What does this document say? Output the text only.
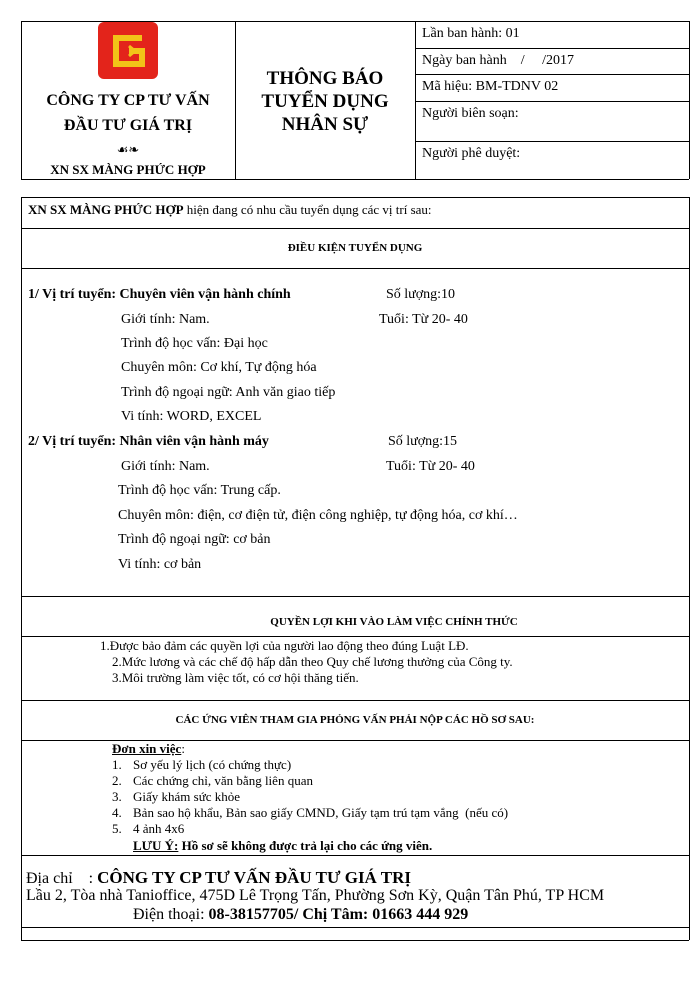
CÔNG TY CP TƯ VẤN
ĐẦU TƯ GIÁ TRỊ
☙❧
XN SX MÀNG PHỨC HỢP
THÔNG BÁO
TUYỂN DỤNG
NHÂN SỰ
Lần ban hành: 01
Ngày ban hành    /     /2017
Mã hiệu: BM-TDNV 02
Người biên soạn:
Người phê duyệt:
XN SX MÀNG PHỨC HỢP hiện đang có nhu cầu tuyển dụng các vị trí sau:
ĐIỀU KIỆN TUYỂN DỤNG
1/ Vị trí tuyển: Chuyên viên vận hành chính	Số lượng:10
Giới tính: Nam.	Tuổi: Từ 20- 40
Trình độ học vấn: Đại học
Chuyên môn: Cơ khí, Tự động hóa
Trình độ ngoại ngữ: Anh văn giao tiếp
Vi tính: WORD, EXCEL
2/ Vị trí tuyển: Nhân viên vận hành máy	Số lượng:15
Giới tính: Nam.	Tuổi: Từ 20- 40
Trình độ học vấn: Trung cấp.
Chuyên môn: điện, cơ điện tử, điện công nghiệp, tự động hóa, cơ khí…
Trình độ ngoại ngữ: cơ bản
Vi tính: cơ bản
QUYỀN LỢI KHI VÀO LÀM VIỆC CHÍNH THỨC
1.Được bảo đảm các quyền lợi của người lao động theo đúng Luật LĐ.
2.Mức lương và các chế độ hấp dẫn theo Quy chế lương thưởng của Công ty.
3.Môi trường làm việc tốt, có cơ hội thăng tiến.
CÁC ỨNG VIÊN THAM GIA PHỎNG VẤN PHẢI NỘP CÁC HỒ SƠ SAU:
Đơn xin việc:
1. Sơ yếu lý lịch (có chứng thực)
2. Các chứng chỉ, văn bằng liên quan
3. Giấy khám sức khỏe
4. Bản sao hộ khẩu, Bản sao giấy CMND, Giấy tạm trú tạm vắng  (nếu có)
5. 4 ảnh 4x6
LƯU Ý: Hồ sơ sẽ không được trả lại cho các ứng viên.
Địa chỉ    : CÔNG TY CP TƯ VẤN ĐẦU TƯ GIÁ TRỊ
Lầu 2, Tòa nhà Tanioffice, 475D Lê Trọng Tấn, Phường Sơn Kỳ, Quận Tân Phú, TP HCM
Điện thoại: 08-38157705/ Chị Tâm: 01663 444 929
